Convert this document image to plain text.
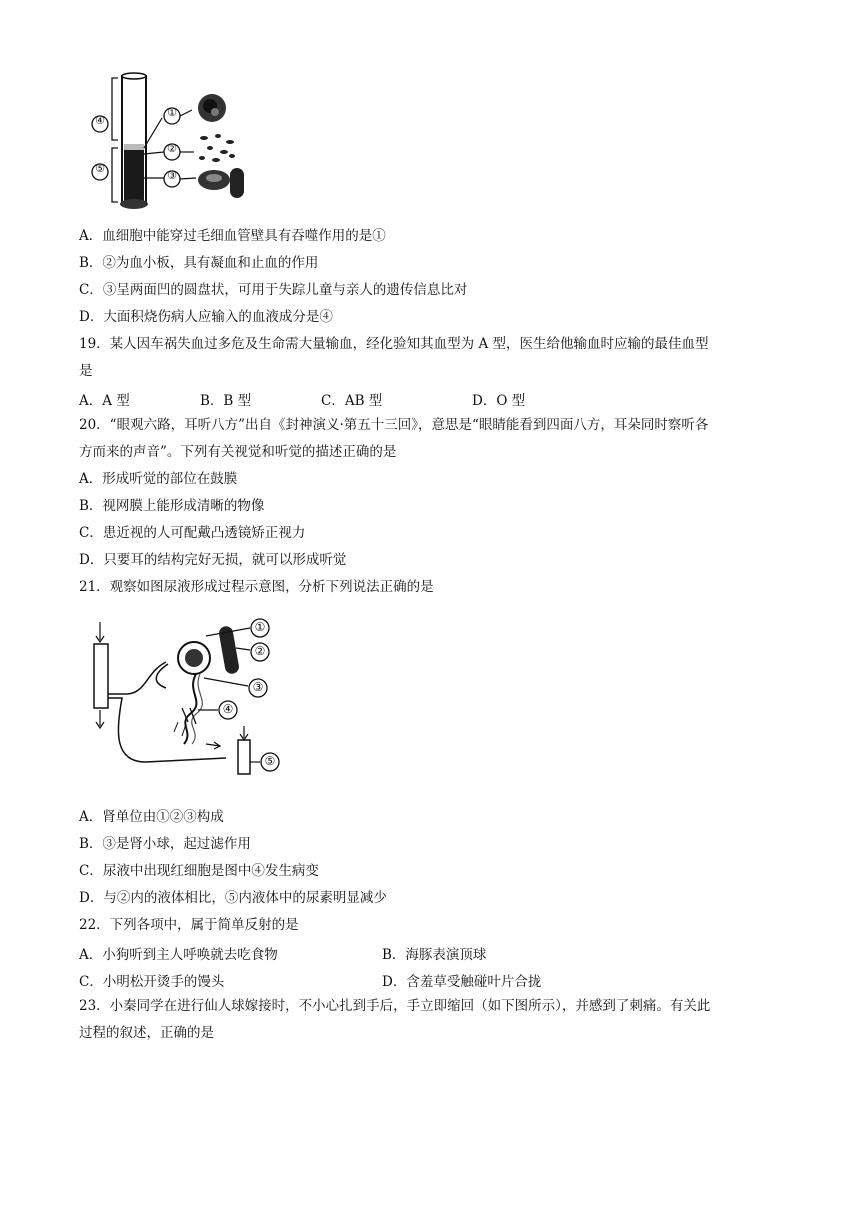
A．血细胞中能穿过毛细血管壁具有吞噬作用的是①
B．②为血小板，具有凝血和止血的作用
C．③呈两面凹的圆盘状，可用于失踪儿童与亲人的遗传信息比对
D．大面积烧伤病人应输入的血液成分是④
19．某人因车祸失血过多危及生命需大量输血，经化验知其血型为 A 型，医生给他输血时应输的最佳血型
是
A．A 型	B．B 型	C．AB 型	D．O 型
20．“眼观六路，耳听八方”出自《封神演义·第五十三回》，意思是“眼睛能看到四面八方，耳朵同时察听各
方而来的声音”。下列有关视觉和听觉的描述正确的是
A．形成听觉的部位在鼓膜
B．视网膜上能形成清晰的物像
C．患近视的人可配戴凸透镜矫正视力
D．只要耳的结构完好无损，就可以形成听觉
21．观察如图尿液形成过程示意图，分析下列说法正确的是
④
⑤
①
②
③
①
②
③
④
⑤
A．肾单位由①②③构成
B．③是肾小球，起过滤作用
C．尿液中出现红细胞是图中④发生病变
D．与②内的液体相比，⑤内液体中的尿素明显减少
22．下列各项中，属于简单反射的是
A．小狗听到主人呼唤就去吃食物	B．海豚表演顶球
C．小明松开烫手的馒头	D．含羞草受触碰叶片合拢
23．小秦同学在进行仙人球嫁接时，不小心扎到手后，手立即缩回（如下图所示），并感到了刺痛。有关此
过程的叙述，正确的是
